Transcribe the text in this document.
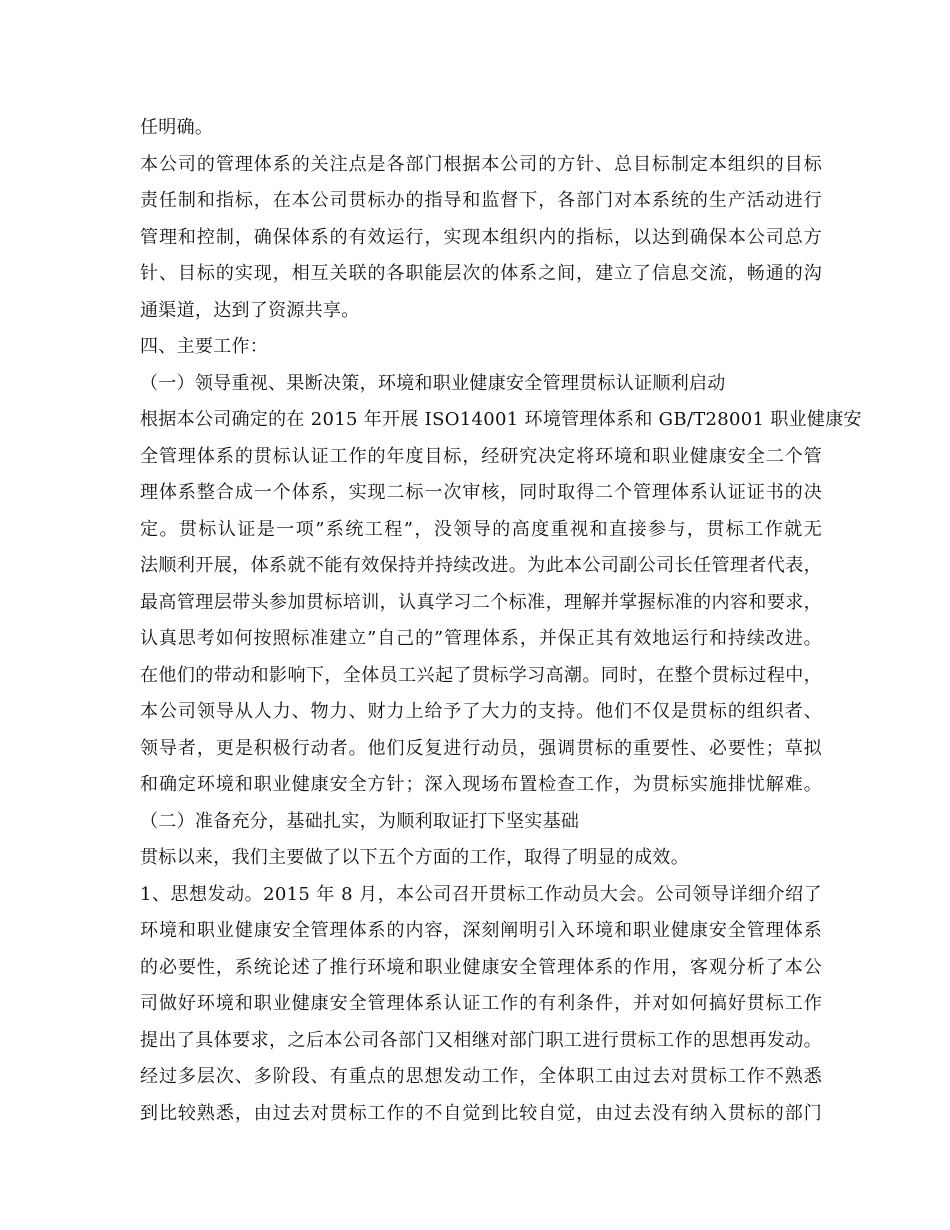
任明确。
本公司的管理体系的关注点是各部门根据本公司的方针、总目标制定本组织的目标
责任制和指标，在本公司贯标办的指导和监督下，各部门对本系统的生产活动进行
管理和控制，确保体系的有效运行，实现本组织内的指标，以达到确保本公司总方
针、目标的实现，相互关联的各职能层次的体系之间，建立了信息交流，畅通的沟
通渠道，达到了资源共享。
四、主要工作：
（一）领导重视、果断决策，环境和职业健康安全管理贯标认证顺利启动
根据本公司确定的在 2015 年开展 ISO14001 环境管理体系和 GB/T28001 职业健康安
全管理体系的贯标认证工作的年度目标，经研究决定将环境和职业健康安全二个管
理体系整合成一个体系，实现二标一次审核，同时取得二个管理体系认证证书的决
定。贯标认证是一项”系统工程”，没领导的高度重视和直接参与，贯标工作就无
法顺利开展，体系就不能有效保持并持续改进。为此本公司副公司长任管理者代表，
最高管理层带头参加贯标培训，认真学习二个标准，理解并掌握标准的内容和要求，
认真思考如何按照标准建立”自己的”管理体系，并保正其有效地运行和持续改进。
在他们的带动和影响下，全体员工兴起了贯标学习高潮。同时，在整个贯标过程中，
本公司领导从人力、物力、财力上给予了大力的支持。他们不仅是贯标的组织者、
领导者，更是积极行动者。他们反复进行动员，强调贯标的重要性、必要性；草拟
和确定环境和职业健康安全方针；深入现场布置检查工作，为贯标实施排忧解难。
（二）准备充分，基础扎实，为顺利取证打下坚实基础
贯标以来，我们主要做了以下五个方面的工作，取得了明显的成效。
1、思想发动。2015 年 8 月，本公司召开贯标工作动员大会。公司领导详细介绍了
环境和职业健康安全管理体系的内容，深刻阐明引入环境和职业健康安全管理体系
的必要性，系统论述了推行环境和职业健康安全管理体系的作用，客观分析了本公
司做好环境和职业健康安全管理体系认证工作的有利条件，并对如何搞好贯标工作
提出了具体要求，之后本公司各部门又相继对部门职工进行贯标工作的思想再发动。
经过多层次、多阶段、有重点的思想发动工作，全体职工由过去对贯标工作不熟悉
到比较熟悉，由过去对贯标工作的不自觉到比较自觉，由过去没有纳入贯标的部门
